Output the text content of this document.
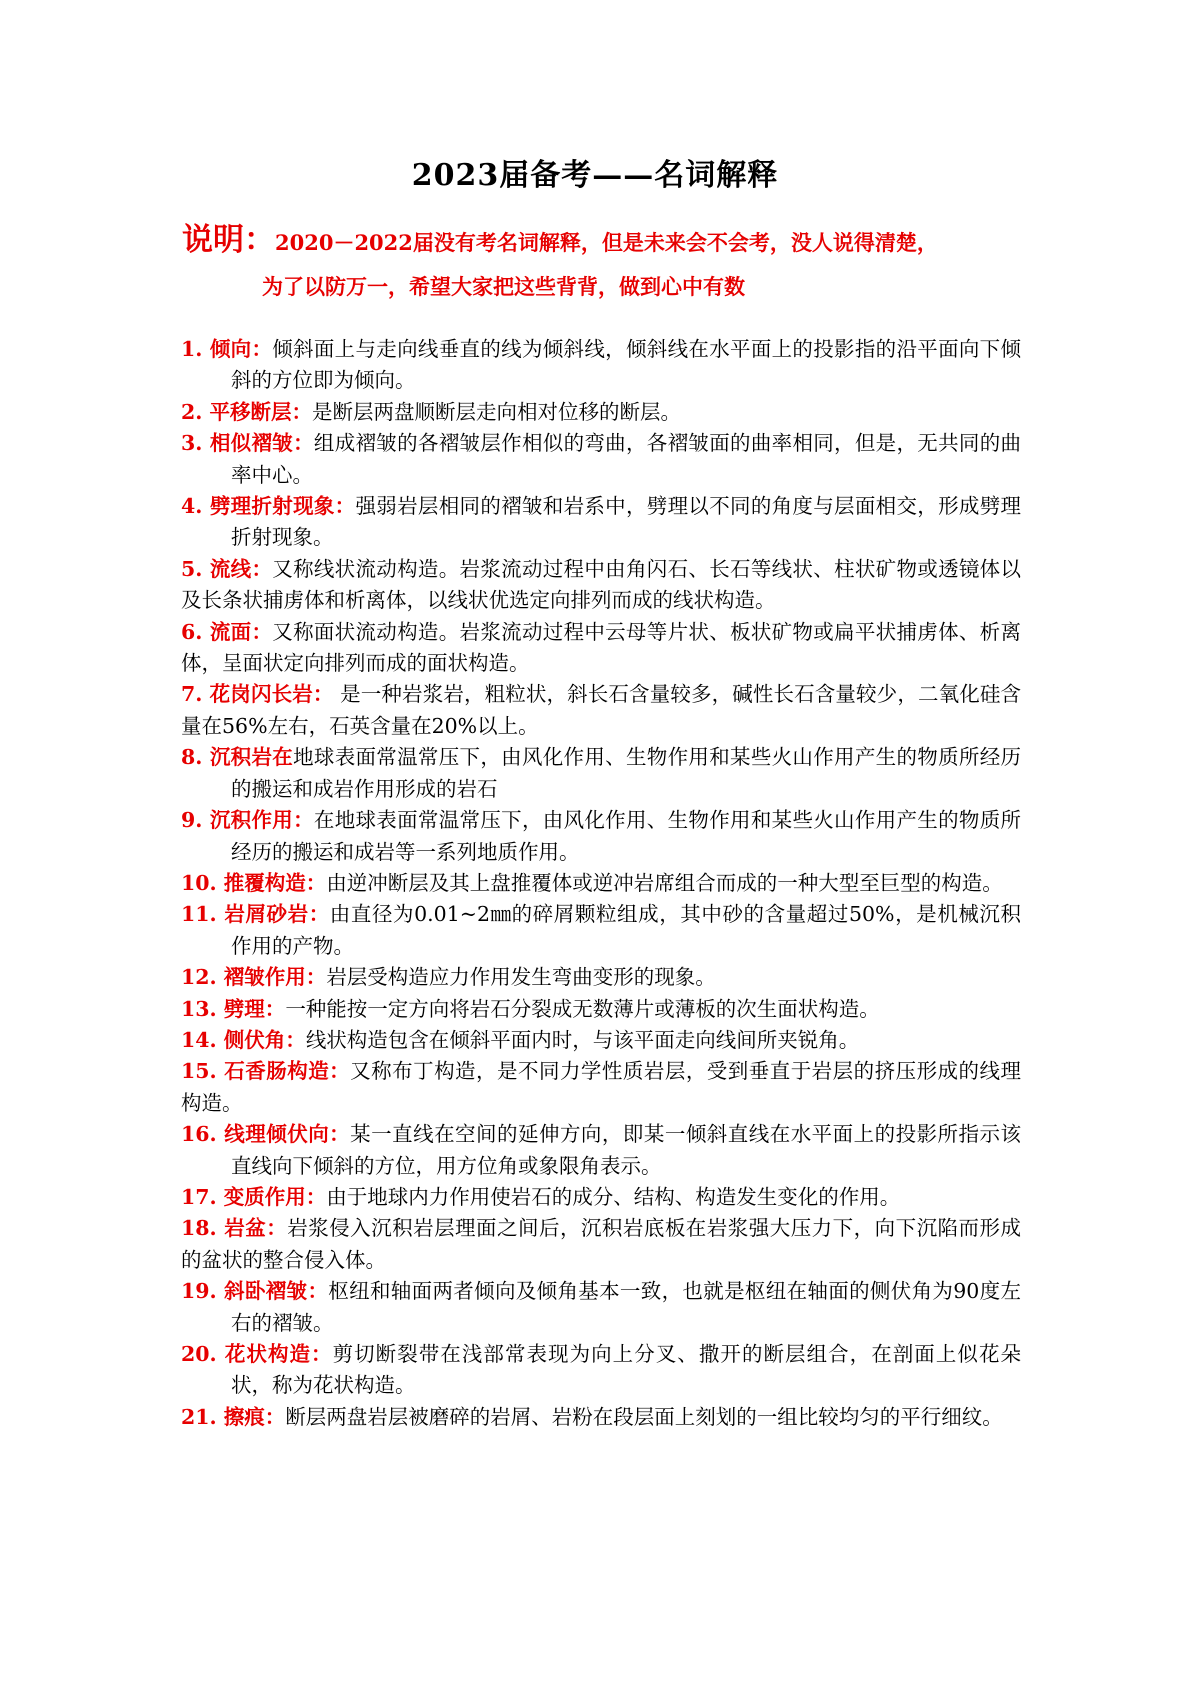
2023届备考——名词解释
说明：2020－2022届没有考名词解释，但是未来会不会考，没人说得清楚，
为了以防万一，希望大家把这些背背，做到心中有数

1. 倾向：倾斜面上与走向线垂直的线为倾斜线，倾斜线在水平面上的投影指的沿平面向下倾斜的方位即为倾向。

2. 平移断层：是断层两盘顺断层走向相对位移的断层。

3. 相似褶皱：组成褶皱的各褶皱层作相似的弯曲，各褶皱面的曲率相同，但是，无共同的曲率中心。

4. 劈理折射现象：强弱岩层相同的褶皱和岩系中，劈理以不同的角度与层面相交，形成劈理折射现象。

5. 流线：又称线状流动构造。岩浆流动过程中由角闪石、长石等线状、柱状矿物或透镜体以及长条状捕虏体和析离体，以线状优选定向排列而成的线状构造。

6. 流面：又称面状流动构造。岩浆流动过程中云母等片状、板状矿物或扁平状捕虏体、析离体，呈面状定向排列而成的面状构造。

7. 花岗闪长岩： 是一种岩浆岩，粗粒状，斜长石含量较多，碱性长石含量较少，二氧化硅含量在56%左右，石英含量在20%以上。

8. 沉积岩在地球表面常温常压下，由风化作用、生物作用和某些火山作用产生的物质所经历的搬运和成岩作用形成的岩石

9. 沉积作用：在地球表面常温常压下，由风化作用、生物作用和某些火山作用产生的物质所经历的搬运和成岩等一系列地质作用。

10. 推覆构造：由逆冲断层及其上盘推覆体或逆冲岩席组合而成的一种大型至巨型的构造。

11. 岩屑砂岩：由直径为0.01~2㎜的碎屑颗粒组成，其中砂的含量超过50%，是机械沉积作用的产物。

12. 褶皱作用：岩层受构造应力作用发生弯曲变形的现象。

13. 劈理：一种能按一定方向将岩石分裂成无数薄片或薄板的次生面状构造。

14. 侧伏角：线状构造包含在倾斜平面内时，与该平面走向线间所夹锐角。

15. 石香肠构造：又称布丁构造，是不同力学性质岩层，受到垂直于岩层的挤压形成的线理构造。

16. 线理倾伏向：某一直线在空间的延伸方向，即某一倾斜直线在水平面上的投影所指示该直线向下倾斜的方位，用方位角或象限角表示。

17. 变质作用：由于地球内力作用使岩石的成分、结构、构造发生变化的作用。

18. 岩盆：岩浆侵入沉积岩层理面之间后，沉积岩底板在岩浆强大压力下，向下沉陷而形成的盆状的整合侵入体。

19. 斜卧褶皱：枢纽和轴面两者倾向及倾角基本一致，也就是枢纽在轴面的侧伏角为90度左右的褶皱。

20. 花状构造：剪切断裂带在浅部常表现为向上分叉、撒开的断层组合，在剖面上似花朵状，称为花状构造。

21. 擦痕：断层两盘岩层被磨碎的岩屑、岩粉在段层面上刻划的一组比较均匀的平行细纹。
